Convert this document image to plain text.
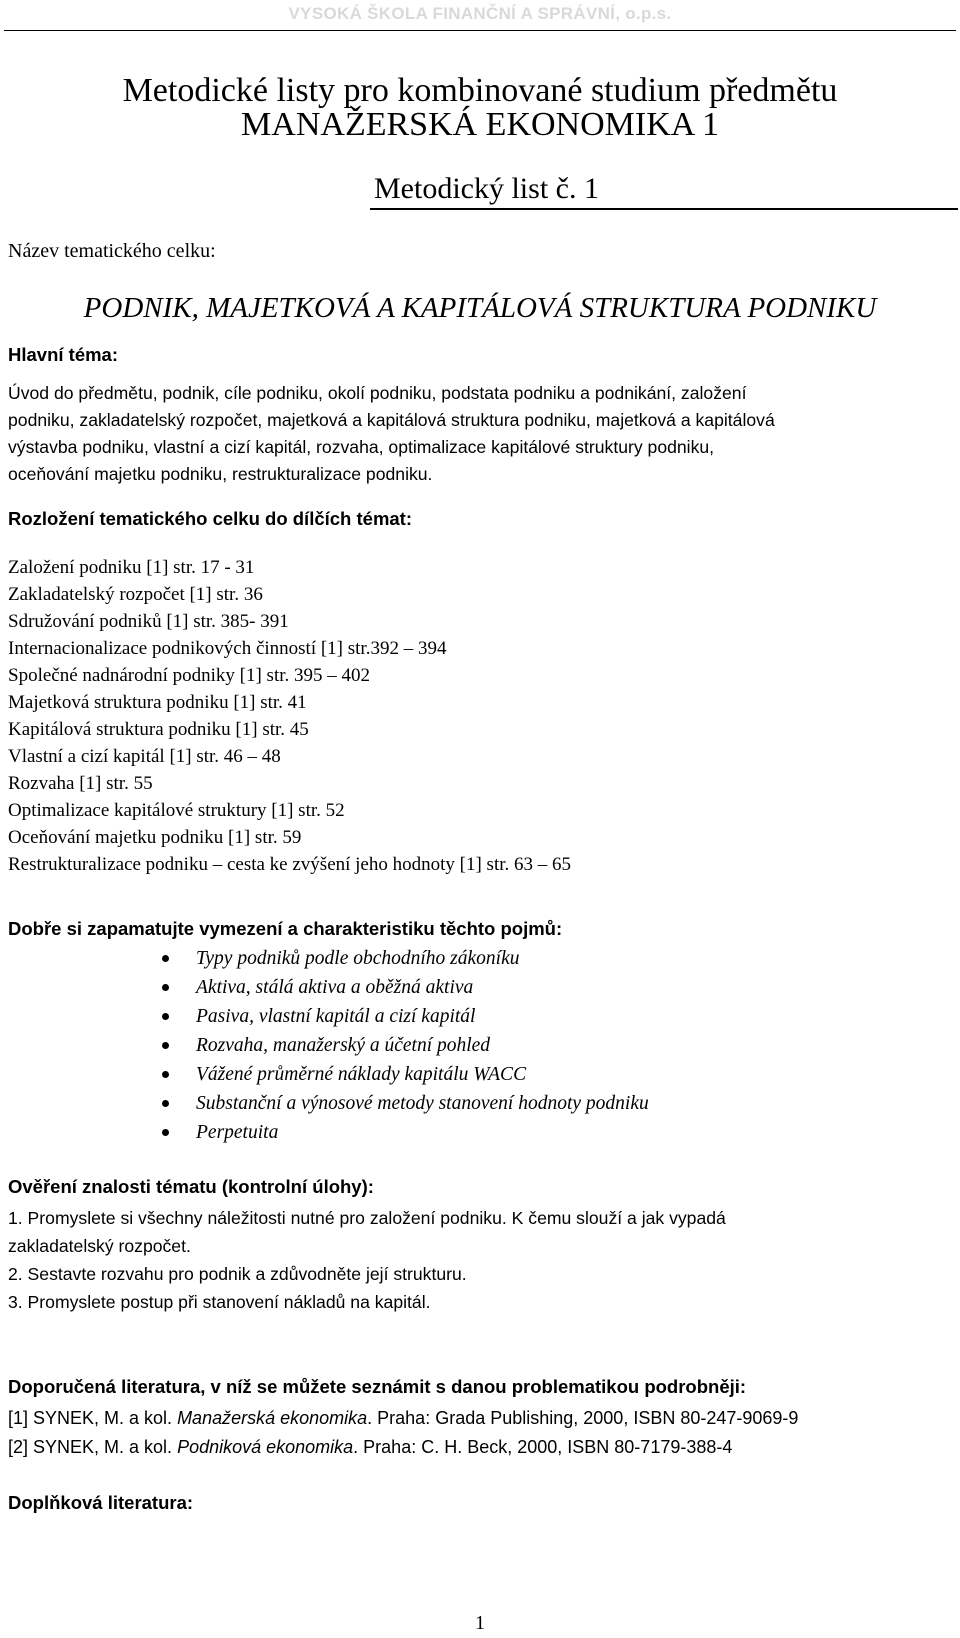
VYSOKÁ ŠKOLA FINANČNÍ A SPRÁVNÍ, o.p.s.
Metodické listy pro kombinované studium předmětu
MANAŽERSKÁ EKONOMIKA 1
Metodický list č. 1
Název tematického celku:
PODNIK, MAJETKOVÁ A KAPITÁLOVÁ STRUKTURA PODNIKU
Hlavní téma:
Úvod do předmětu, podnik, cíle podniku, okolí podniku, podstata podniku a podnikání, založení
podniku, zakladatelský rozpočet, majetková a kapitálová struktura podniku, majetková a kapitálová
výstavba podniku, vlastní a cizí kapitál, rozvaha, optimalizace kapitálové struktury podniku,
oceňování majetku podniku, restrukturalizace podniku.
Rozložení tematického celku do dílčích témat:
Založení podniku [1] str. 17 - 31
Zakladatelský rozpočet [1] str. 36
Sdružování podniků [1] str. 385- 391
Internacionalizace podnikových činností [1] str.392 – 394
Společné nadnárodní podniky [1] str. 395 – 402
Majetková struktura podniku [1] str. 41
Kapitálová struktura podniku [1] str. 45
Vlastní a cizí kapitál [1] str. 46 – 48
Rozvaha [1] str. 55
Optimalizace kapitálové struktury [1] str. 52
Oceňování majetku podniku [1] str. 59
Restrukturalizace podniku – cesta ke zvýšení jeho hodnoty [1] str. 63 – 65
Dobře si zapamatujte vymezení a charakteristiku těchto pojmů:
Typy podniků podle obchodního zákoníku
Aktiva, stálá aktiva a oběžná aktiva
Pasiva, vlastní kapitál a cizí kapitál
Rozvaha, manažerský a účetní pohled
Vážené průměrné náklady kapitálu WACC
Substanční a výnosové metody stanovení hodnoty podniku
Perpetuita
Ověření znalosti tématu (kontrolní úlohy):
1. Promyslete si všechny náležitosti nutné pro založení podniku. K čemu slouží a jak vypadá
zakladatelský rozpočet.
2. Sestavte rozvahu pro podnik a zdůvodněte její strukturu.
3. Promyslete postup při stanovení nákladů na kapitál.
Doporučená literatura, v níž se můžete seznámit s danou problematikou podrobněji:
[1] SYNEK, M. a kol. Manažerská ekonomika. Praha: Grada Publishing, 2000, ISBN 80-247-9069-9
[2] SYNEK, M. a kol. Podniková ekonomika. Praha: C. H. Beck, 2000, ISBN 80-7179-388-4
Doplňková literatura:
1
